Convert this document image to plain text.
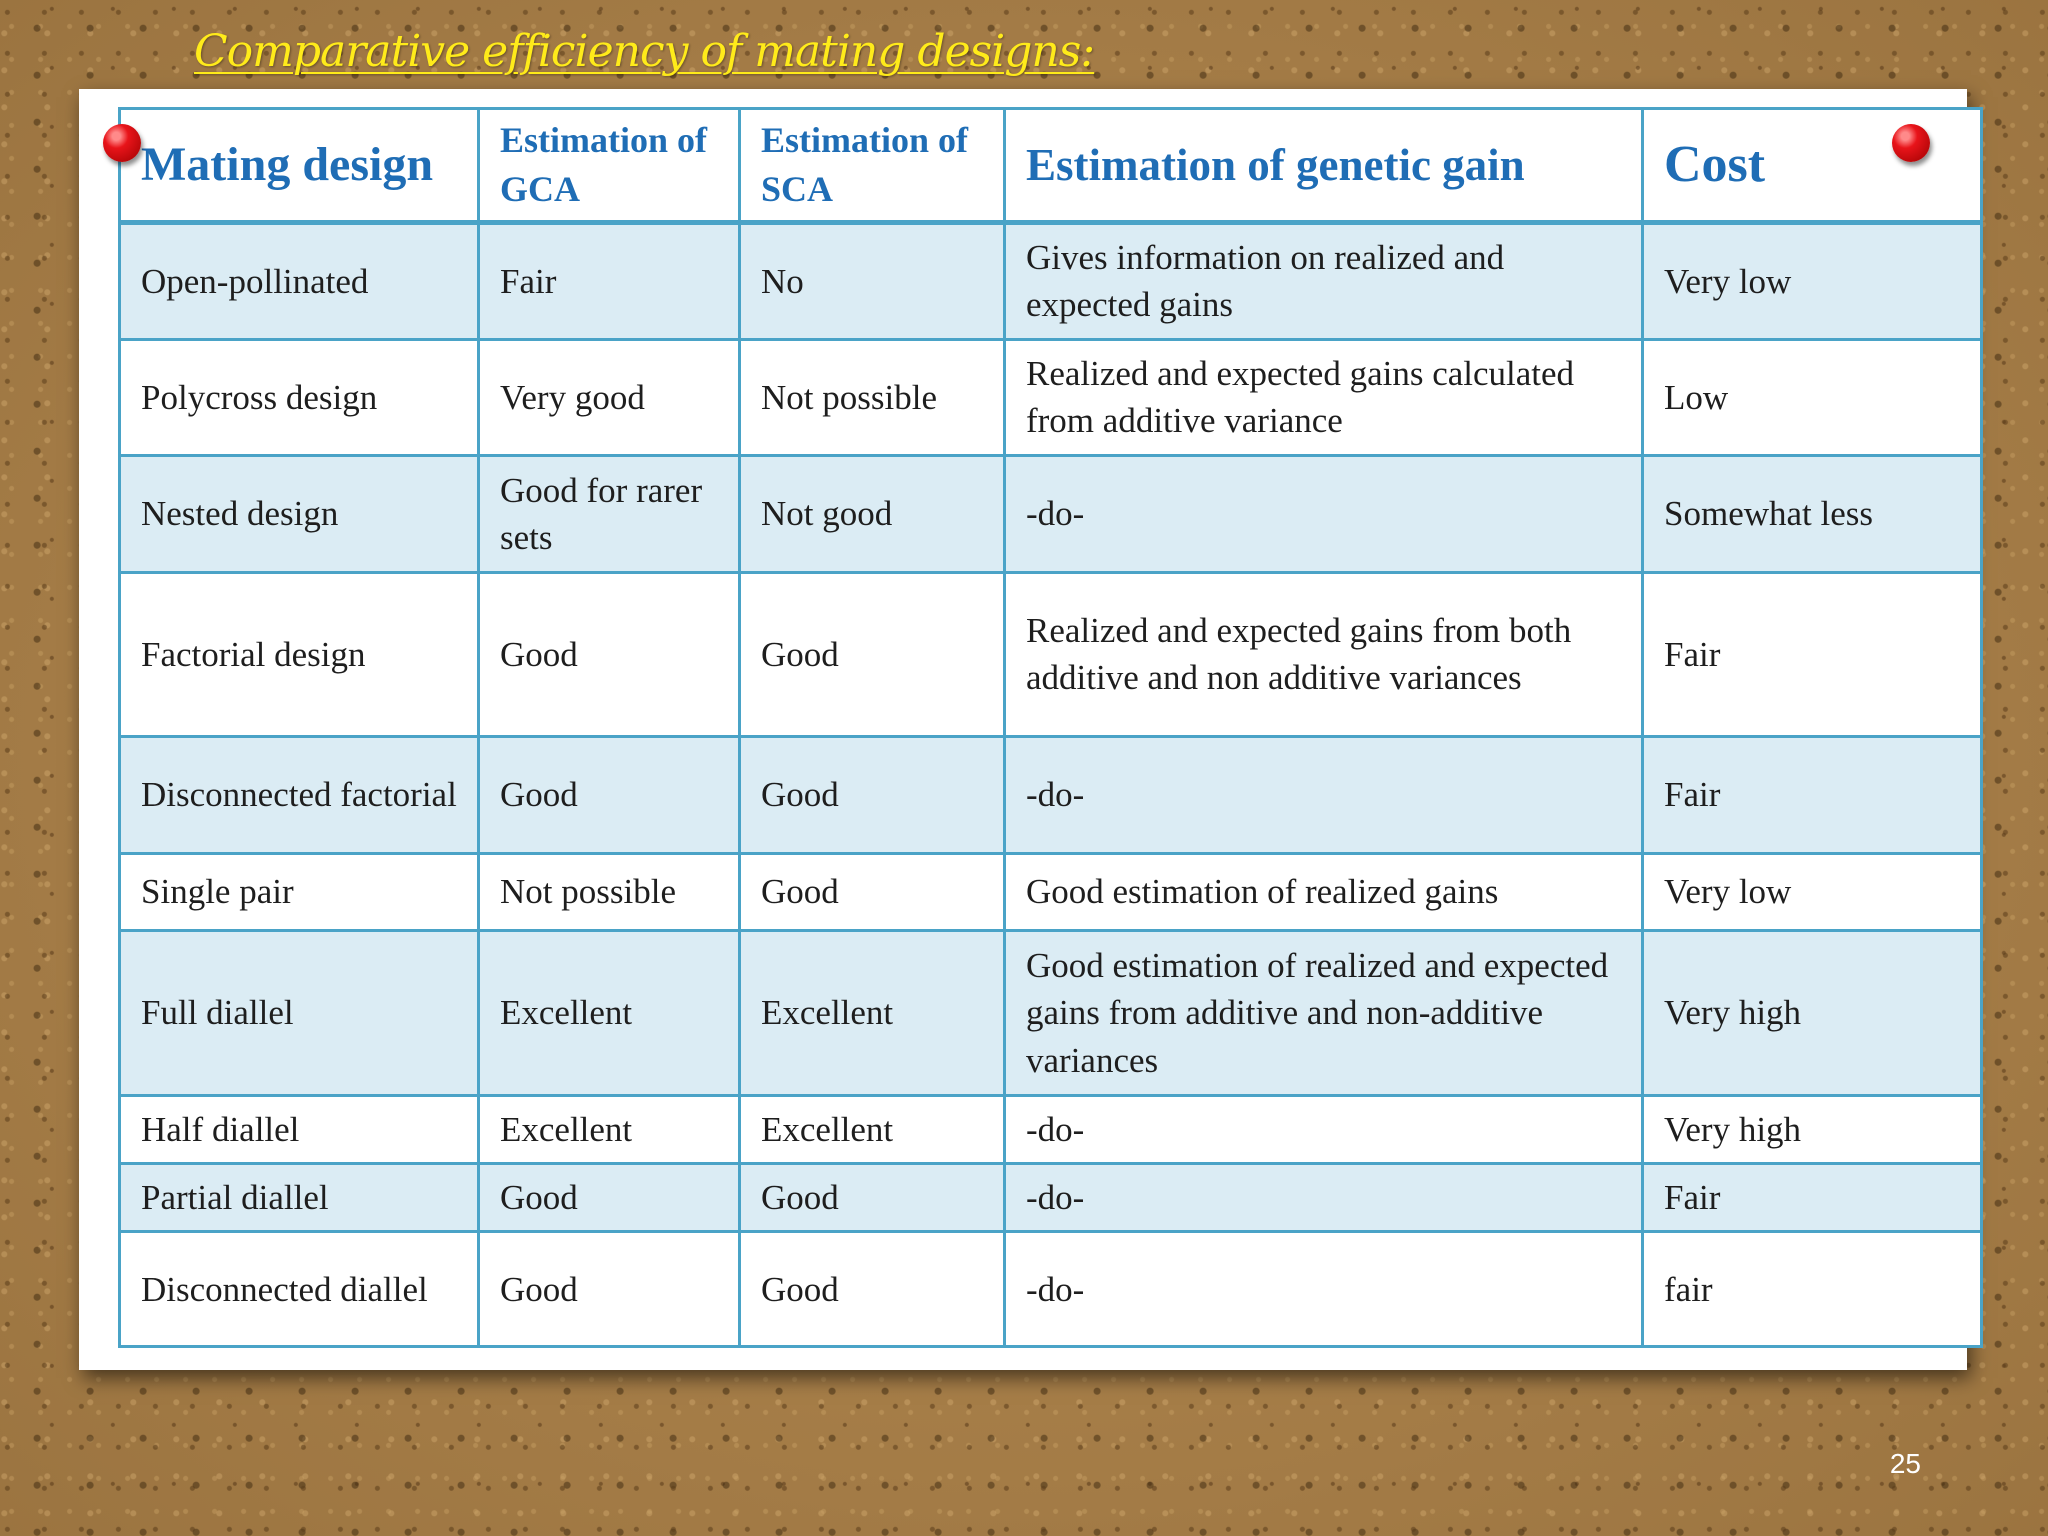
Comparative efficiency of mating designs:
Mating design	Estimation of GCA	Estimation of SCA	Estimation of genetic gain	Cost
Open-pollinated	Fair	No	Gives information on realized and expected gains	Very low
Polycross design	Very good	Not possible	Realized and expected gains calculated from additive variance	Low
Nested design	Good for rarer sets	Not good	-do-	Somewhat less
Factorial design	Good	Good	Realized and expected gains from both additive and non additive variances	Fair
Disconnected factorial	Good	Good	-do-	Fair
Single pair	Not possible	Good	Good estimation of realized gains	Very low
Full diallel	Excellent	Excellent	Good estimation of realized and expected gains from additive and non-additive variances	Very high
Half diallel	Excellent	Excellent	-do-	Very high
Partial diallel	Good	Good	-do-	Fair
Disconnected diallel	Good	Good	-do-	fair

25
